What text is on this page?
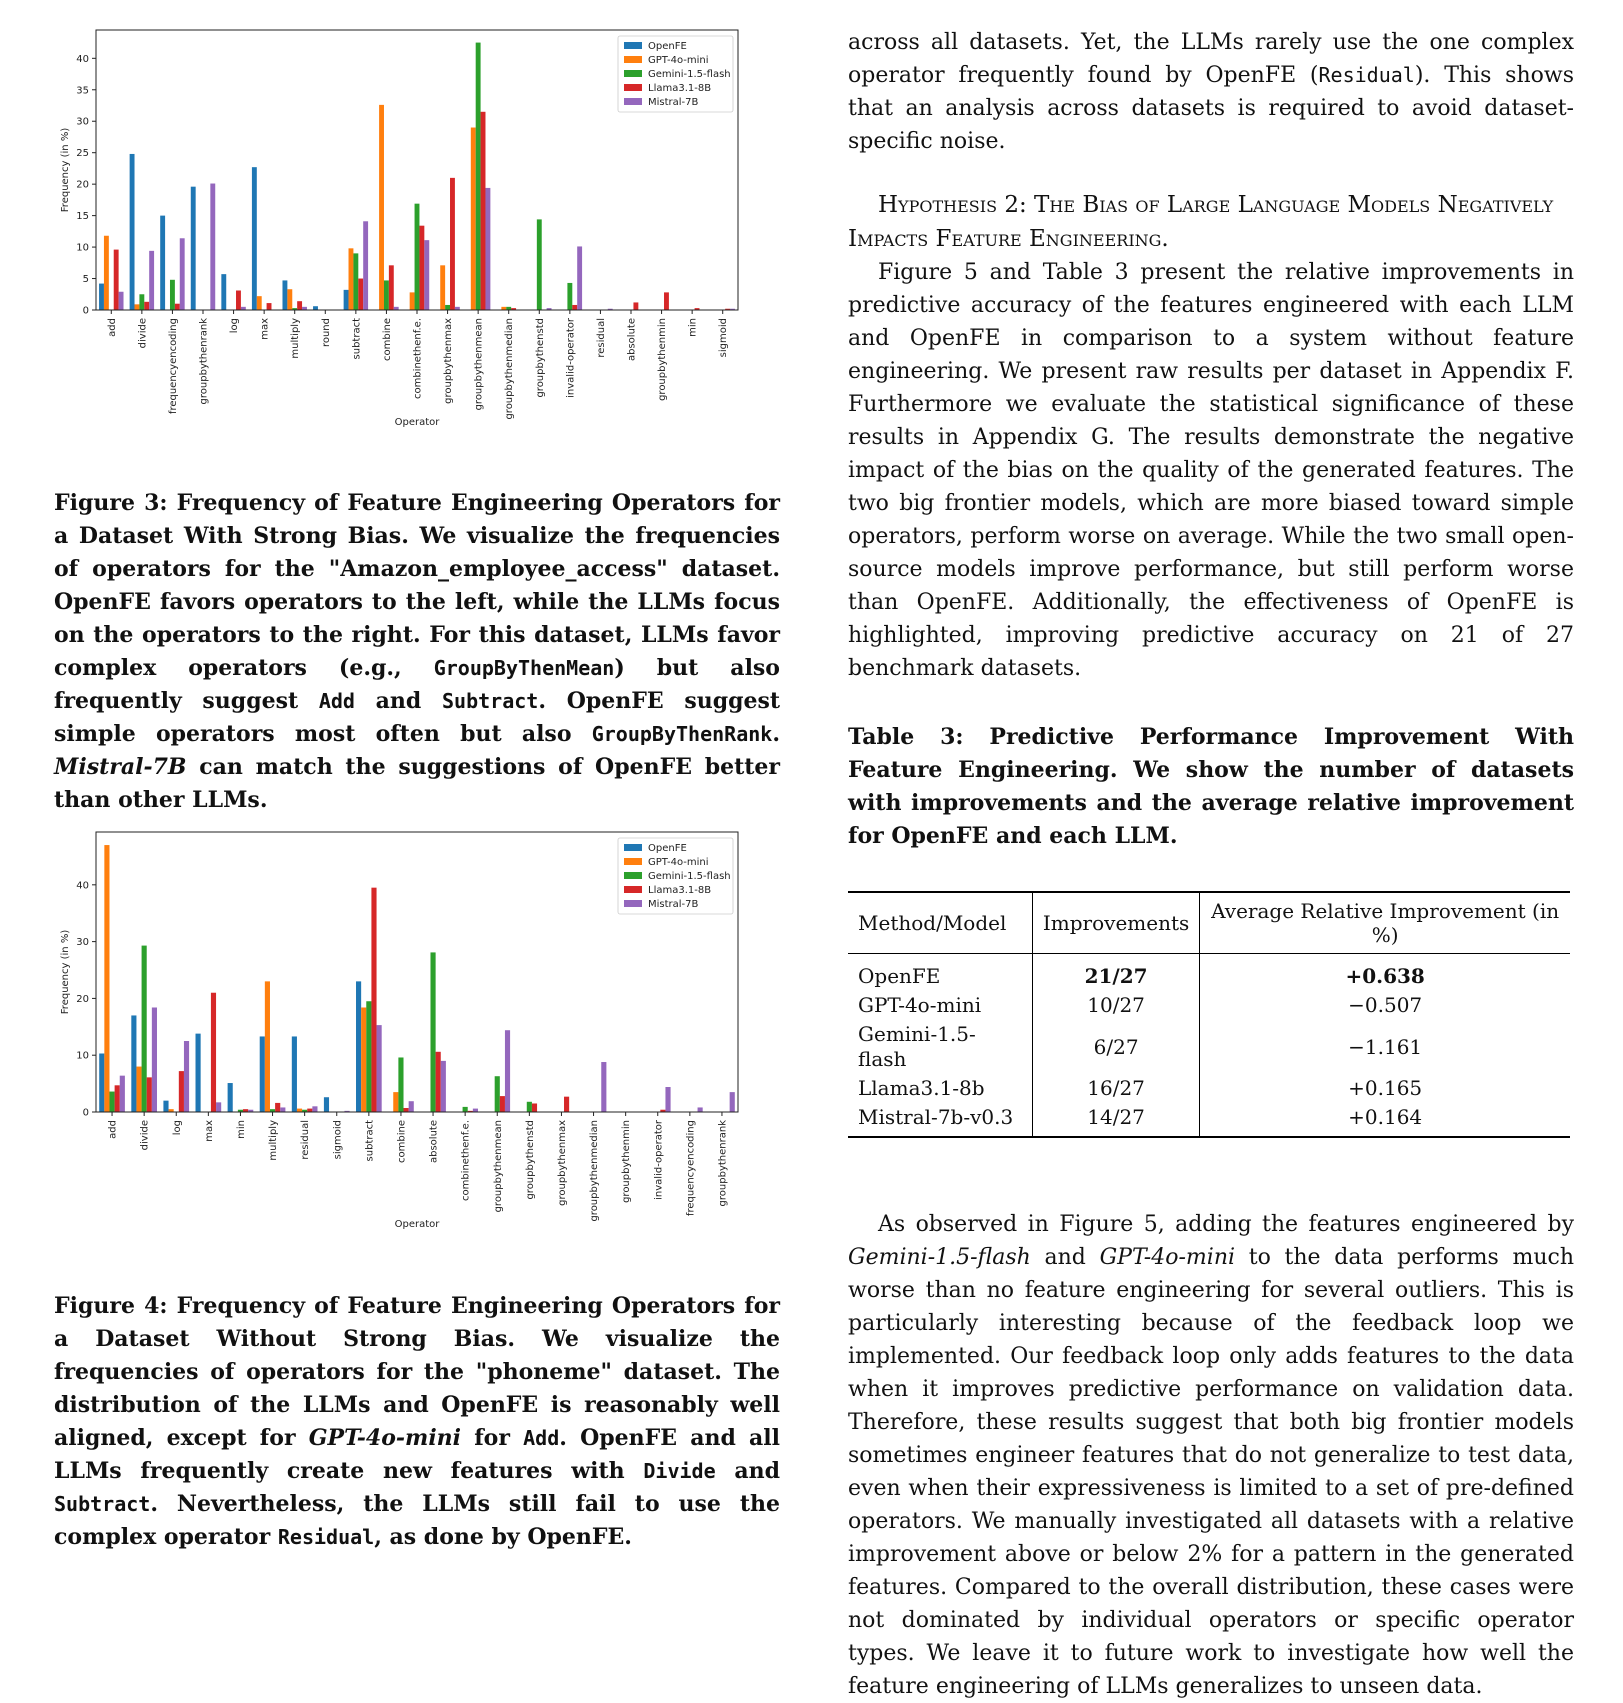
0
5
10
15
20
25
30
35
40
add divide frequencyencoding groupbythenrank log max multiply round subtract combine combinethenf.e. groupbythenmax groupbythenmean groupbythenmedian groupbythenstd invalid-operator residual absolute groupbythenmin min sigmoid
Operator
Frequency (in %)
OpenFE
GPT-4o-mini
Gemini-1.5-flash
Llama3.1-8B
Mistral-7B

Figure 3: Frequency of Feature Engineering Operators for a Dataset With Strong Bias. We visualize the frequencies of operators for the "Amazon_employee_access" dataset. OpenFE favors operators to the left, while the LLMs focus on the operators to the right. For this dataset, LLMs favor complex operators (e.g., GroupByThenMean) but also frequently suggest Add and Subtract. OpenFE suggest simple operators most often but also GroupByThenRank. Mistral-7B can match the suggestions of OpenFE better than other LLMs.

0
10
20
30
40
add divide log max min multiply residual sigmoid subtract combine absolute combinethenf.e. groupbythenmean groupbythenstd groupbythenmax groupbythenmedian groupbythenmin invalid-operator frequencyencoding groupbythenrank
Operator
Frequency (in %)
OpenFE
GPT-4o-mini
Gemini-1.5-flash
Llama3.1-8B
Mistral-7B

Figure 4: Frequency of Feature Engineering Operators for a Dataset Without Strong Bias. We visualize the frequencies of operators for the "phoneme" dataset. The distribution of the LLMs and OpenFE is reasonably well aligned, except for GPT-4o-mini for Add. OpenFE and all LLMs frequently create new features with Divide and Subtract. Nevertheless, the LLMs still fail to use the complex operator Residual, as done by OpenFE.

across all datasets. Yet, the LLMs rarely use the one complex operator frequently found by OpenFE (Residual). This shows that an analysis across datasets is required to avoid dataset-specific noise.

Hypothesis 2: The Bias of Large Language Models Negatively Impacts Feature Engineering.

Figure 5 and Table 3 present the relative improvements in predictive accuracy of the features engineered with each LLM and OpenFE in comparison to a system without feature engineering. We present raw results per dataset in Appendix F. Furthermore we evaluate the statistical significance of these results in Appendix G. The results demonstrate the negative impact of the bias on the quality of the generated features. The two big frontier models, which are more biased toward simple operators, perform worse on average. While the two small open-source models improve performance, but still perform worse than OpenFE. Additionally, the effectiveness of OpenFE is highlighted, improving predictive accuracy on 21 of 27 benchmark datasets.

Table 3: Predictive Performance Improvement With Feature Engineering. We show the number of datasets with improvements and the average relative improvement for OpenFE and each LLM.

Method/Model	Improvements	Average Relative Improvement (in %)
OpenFE	21/27	+0.638
GPT-4o-mini	10/27	−0.507
Gemini-1.5-flash	6/27	−1.161
Llama3.1-8b	16/27	+0.165
Mistral-7b-v0.3	14/27	+0.164

As observed in Figure 5, adding the features engineered by Gemini-1.5-flash and GPT-4o-mini to the data performs much worse than no feature engineering for several outliers. This is particularly interesting because of the feedback loop we implemented. Our feedback loop only adds features to the data when it improves predictive performance on validation data. Therefore, these results suggest that both big frontier models sometimes engineer features that do not generalize to test data, even when their expressiveness is limited to a set of pre-defined operators. We manually investigated all datasets with a relative improvement above or below 2% for a pattern in the generated features. Compared to the overall distribution, these cases were not dominated by individual operators or specific operator types. We leave it to future work to investigate how well the feature engineering of LLMs generalizes to unseen data.
